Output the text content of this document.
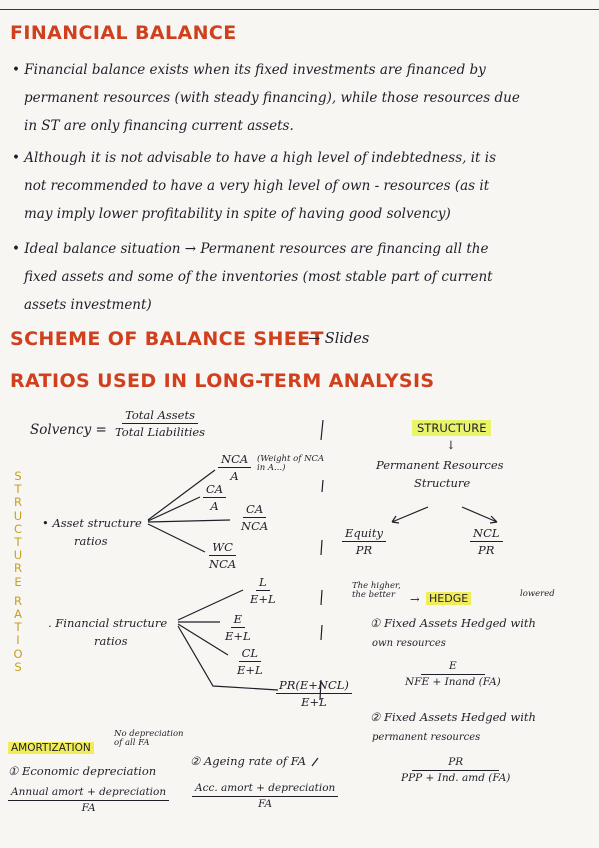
FINANCIAL BALANCE
• Financial balance exists when its fixed investments are financed by
permanent resources (with steady financing), while those resources due
in ST are only financing current assets.
• Although it is not advisable to have a high level of indebtedness, it is
not recommended to have a very high level of own - resources (as it
may imply lower profitability in spite of having good solvency)
• Ideal balance situation → Permanent resources are financing all the
fixed assets and some of the inventories (most stable part of current
assets investment)
SCHEME OF BALANCE SHEET
→ Slides
RATIOS USED IN LONG-TERM ANALYSIS
Solvency =
Total Assets
Total Liabilities
S
T
R
U
C
T
U
R
E
R
A
T
I
O
S
• Asset structure
ratios
NCA
A
(Weight of NCA in A...)
$\frac{CA}{A}$ CA
NCA
WC
NCA
. Financial structure
ratios
$\frac{L}{E+L}$
$\frac{E}{E+L}$
$\frac{CL}{E+L}$
PR(E+NCL)
E+L
STRUCTURE
↓
Permanent Resources
Structure
Equity
PR
NCL
PR
The higher, the better	→ HEDGE	lowered
① Fixed Assets Hedged with
own resources
E
NFE + Inand (FA)
② Fixed Assets Hedged with
permanent resources
PR
PPP + Ind. amd (FA)
AMORTIZATION
No depreciation of all FA
① Economic depreciation
Annual amort + depreciation
FA
② Ageing rate of FA
Acc. amort + depreciation
FA
